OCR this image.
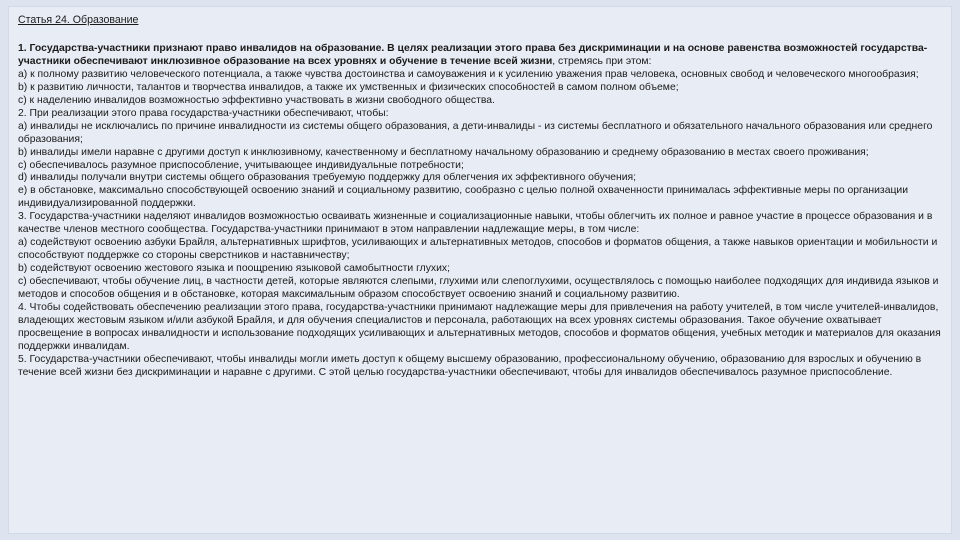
Статья 24. Образование

1. Государства-участники признают право инвалидов на образование. В целях реализации этого права без дискриминации и на основе равенства возможностей государства-участники обеспечивают инклюзивное образование на всех уровнях и обучение в течение всей жизни, стремясь при этом:

а) к полному развитию человеческого потенциала, а также чувства достоинства и самоуважения и к усилению уважения прав человека, основных свобод и человеческого многообразия;

b) к развитию личности, талантов и творчества инвалидов, а также их умственных и физических способностей в самом полном объеме;

с) к наделению инвалидов возможностью эффективно участвовать в жизни свободного общества.

2. При реализации этого права государства-участники обеспечивают, чтобы:

а) инвалиды не исключались по причине инвалидности из системы общего образования, а дети-инвалиды - из системы бесплатного и обязательного начального образования или среднего образования;

b) инвалиды имели наравне с другими доступ к инклюзивному, качественному и бесплатному начальному образованию и среднему образованию в местах своего проживания;

с) обеспечивалось разумное приспособление, учитывающее индивидуальные потребности;

d) инвалиды получали внутри системы общего образования требуемую поддержку для облегчения их эффективного обучения;

е) в обстановке, максимально способствующей освоению знаний и социальному развитию, сообразно с целью полной охваченности принималась эффективные меры по организации индивидуализированной поддержки.

3. Государства-участники наделяют инвалидов возможностью осваивать жизненные и социализационные навыки, чтобы облегчить их полное и равное участие в процессе образования и в качестве членов местного сообщества. Государства-участники принимают в этом направлении надлежащие меры, в том числе:

а) содействуют освоению азбуки Брайля, альтернативных шрифтов, усиливающих и альтернативных методов, способов и форматов общения, а также навыков ориентации и мобильности и способствуют поддержке со стороны сверстников и наставничеству;

b) содействуют освоению жестового языка и поощрению языковой самобытности глухих;

с) обеспечивают, чтобы обучение лиц, в частности детей, которые являются слепыми, глухими или слепоглухими, осуществлялось с помощью наиболее подходящих для индивида языков и методов и способов общения и в обстановке, которая максимальным образом способствует освоению знаний и социальному развитию.

4. Чтобы содействовать обеспечению реализации этого права, государства-участники принимают надлежащие меры для привлечения на работу учителей, в том числе учителей-инвалидов, владеющих жестовым языком и/или азбукой Брайля, и для обучения специалистов и персонала, работающих на всех уровнях системы образования. Такое обучение охватывает просвещение в вопросах инвалидности и использование подходящих усиливающих и альтернативных методов, способов и форматов общения, учебных методик и материалов для оказания поддержки инвалидам.

5. Государства-участники обеспечивают, чтобы инвалиды могли иметь доступ к общему высшему образованию, профессиональному обучению, образованию для взрослых и обучению в течение всей жизни без дискриминации и наравне с другими. С этой целью государства-участники обеспечивают, чтобы для инвалидов обеспечивалось разумное приспособление.
